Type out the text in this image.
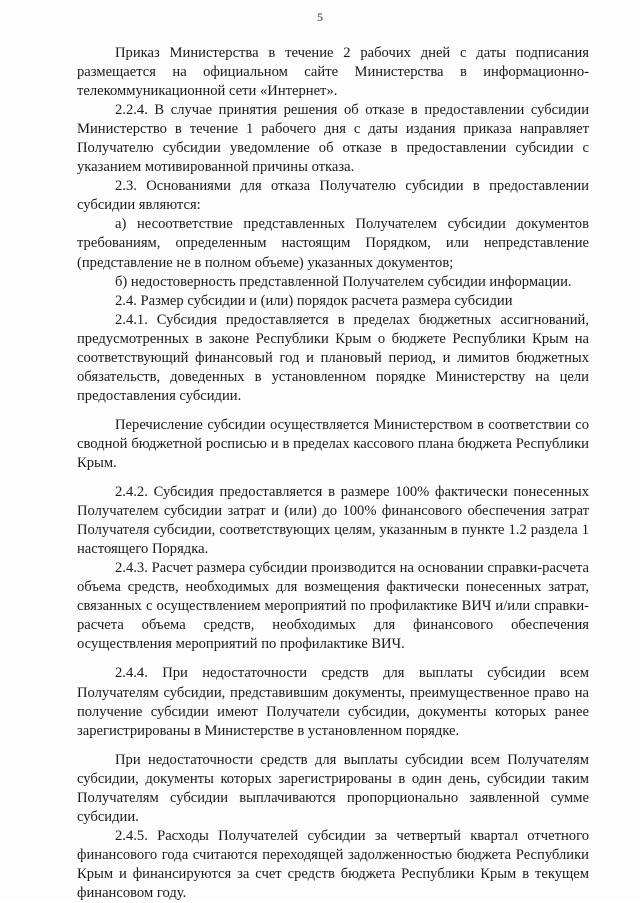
5

Приказ Министерства в течение 2 рабочих дней с даты подписания размещается на официальном сайте Министерства в информационно-телекоммуникационной сети «Интернет».

2.2.4. В случае принятия решения об отказе в предоставлении субсидии Министерство в течение 1 рабочего дня с даты издания приказа направляет Получателю субсидии уведомление об отказе в предоставлении субсидии с указанием мотивированной причины отказа.

2.3. Основаниями для отказа Получателю субсидии в предоставлении субсидии являются:

а) несоответствие представленных Получателем субсидии документов требованиям, определенным настоящим Порядком, или непредставление (представление не в полном объеме) указанных документов;

б) недостоверность представленной Получателем субсидии информации.

2.4. Размер субсидии и (или) порядок расчета размера субсидии

2.4.1. Субсидия предоставляется в пределах бюджетных ассигнований, предусмотренных в законе Республики Крым о бюджете Республики Крым на соответствующий финансовый год и плановый период, и лимитов бюджетных обязательств, доведенных в установленном порядке Министерству на цели предоставления субсидии.

Перечисление субсидии осуществляется Министерством в соответствии со сводной бюджетной росписью и в пределах кассового плана бюджета Республики Крым.

2.4.2. Субсидия предоставляется в размере 100% фактически понесенных Получателем субсидии затрат и (или) до 100% финансового обеспечения затрат Получателя субсидии, соответствующих целям, указанным в пункте 1.2 раздела 1 настоящего Порядка.

2.4.3. Расчет размера субсидии производится на основании справки-расчета объема средств, необходимых для возмещения фактически понесенных затрат, связанных с осуществлением мероприятий по профилактике ВИЧ и/или справки-расчета объема средств, необходимых для финансового обеспечения осуществления мероприятий по профилактике ВИЧ.

2.4.4. При недостаточности средств для выплаты субсидии всем Получателям субсидии, представившим документы, преимущественное право на получение субсидии имеют Получатели субсидии, документы которых ранее зарегистрированы в Министерстве в установленном порядке.

При недостаточности средств для выплаты субсидии всем Получателям субсидии, документы которых зарегистрированы в один день, субсидии таким Получателям субсидии выплачиваются пропорционально заявленной сумме субсидии.

2.4.5. Расходы Получателей субсидии за четвертый квартал отчетного финансового года считаются переходящей задолженностью бюджета Республики Крым и финансируются за счет средств бюджета Республики Крым в текущем финансовом году.
